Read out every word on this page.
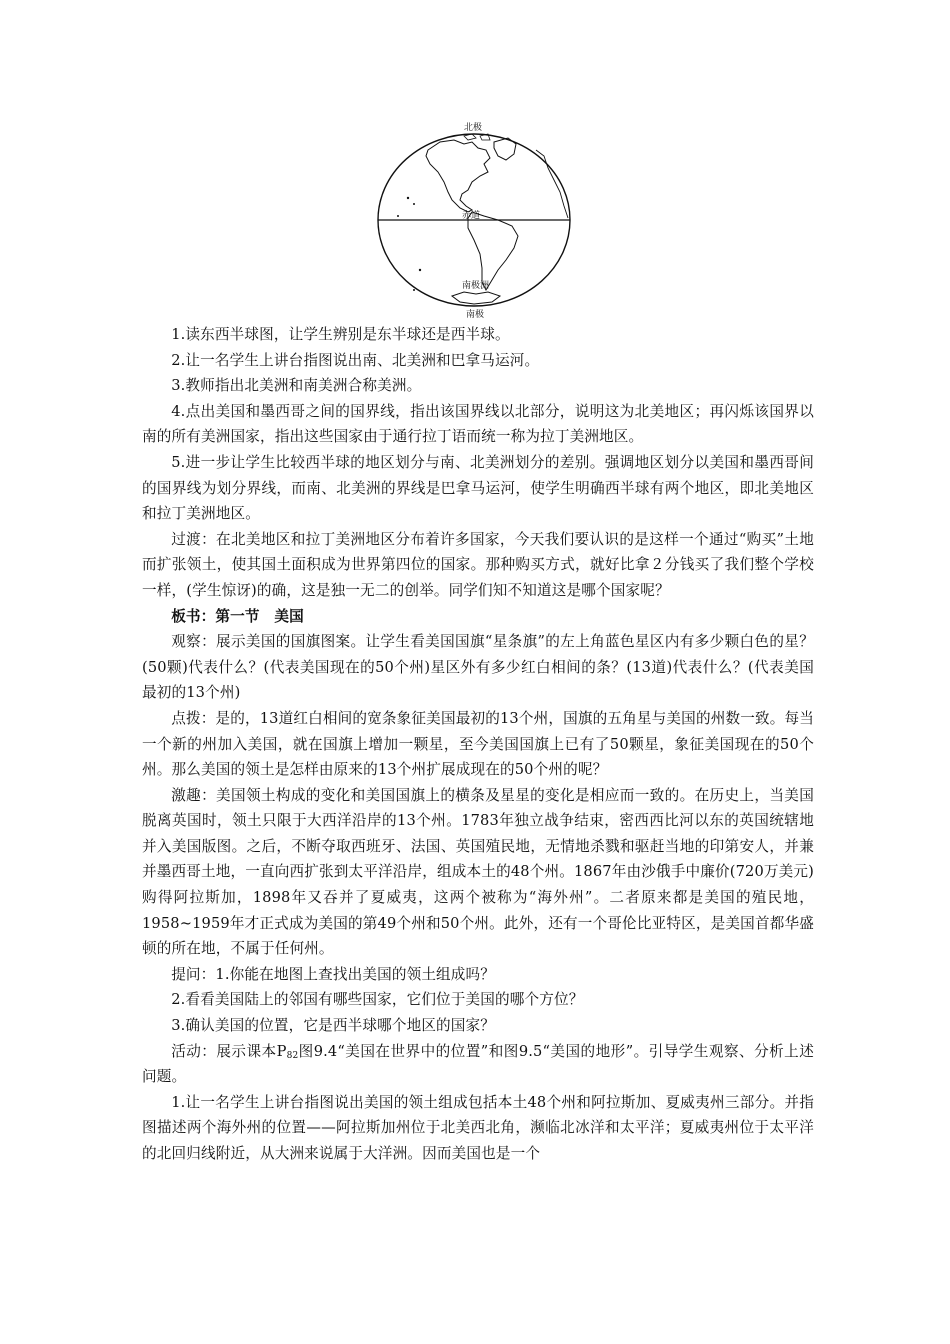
北极
赤道
南极洲
南极

1.读东西半球图，让学生辨别是东半球还是西半球。

2.让一名学生上讲台指图说出南、北美洲和巴拿马运河。

3.教师指出北美洲和南美洲合称美洲。

4.点出美国和墨西哥之间的国界线，指出该国界线以北部分，说明这为北美地区；再闪烁该国界以南的所有美洲国家，指出这些国家由于通行拉丁语而统一称为拉丁美洲地区。

5.进一步让学生比较西半球的地区划分与南、北美洲划分的差别。强调地区划分以美国和墨西哥间的国界线为划分界线，而南、北美洲的界线是巴拿马运河，使学生明确西半球有两个地区，即北美地区和拉丁美洲地区。

过渡：在北美地区和拉丁美洲地区分布着许多国家，今天我们要认识的是这样一个通过“购买”土地而扩张领土，使其国土面积成为世界第四位的国家。那种购买方式，就好比拿２分钱买了我们整个学校一样，(学生惊讶)的确，这是独一无二的创举。同学们知不知道这是哪个国家呢？

板书：第一节　美国

观察：展示美国的国旗图案。让学生看美国国旗“星条旗”的左上角蓝色星区内有多少颗白色的星？(50颗)代表什么？(代表美国现在的50个州)星区外有多少红白相间的条？(13道)代表什么？(代表美国最初的13个州)

点拨：是的，13道红白相间的宽条象征美国最初的13个州，国旗的五角星与美国的州数一致。每当一个新的州加入美国，就在国旗上增加一颗星，至今美国国旗上已有了50颗星，象征美国现在的50个州。那么美国的领土是怎样由原来的13个州扩展成现在的50个州的呢？

激趣：美国领土构成的变化和美国国旗上的横条及星星的变化是相应而一致的。在历史上，当美国脱离英国时，领土只限于大西洋沿岸的13个州。1783年独立战争结束，密西西比河以东的英国统辖地并入美国版图。之后，不断夺取西班牙、法国、英国殖民地，无情地杀戮和驱赶当地的印第安人，并兼并墨西哥土地，一直向西扩张到太平洋沿岸，组成本土的48个州。1867年由沙俄手中廉价(720万美元)购得阿拉斯加，1898年又吞并了夏威夷，这两个被称为“海外州”。二者原来都是美国的殖民地，1958~1959年才正式成为美国的第49个州和50个州。此外，还有一个哥伦比亚特区，是美国首都华盛顿的所在地，不属于任何州。

提问：1.你能在地图上查找出美国的领土组成吗？

2.看看美国陆上的邻国有哪些国家，它们位于美国的哪个方位？

3.确认美国的位置，它是西半球哪个地区的国家？

活动：展示课本$P_{82}$图9.4“美国在世界中的位置”和图9.5“美国的地形”。引导学生观察、分析上述问题。

1.让一名学生上讲台指图说出美国的领土组成包括本土48个州和阿拉斯加、夏威夷州三部分。并指图描述两个海外州的位置——阿拉斯加州位于北美西北角，濒临北冰洋和太平洋；夏威夷州位于太平洋的北回归线附近，从大洲来说属于大洋洲。因而美国也是一个
